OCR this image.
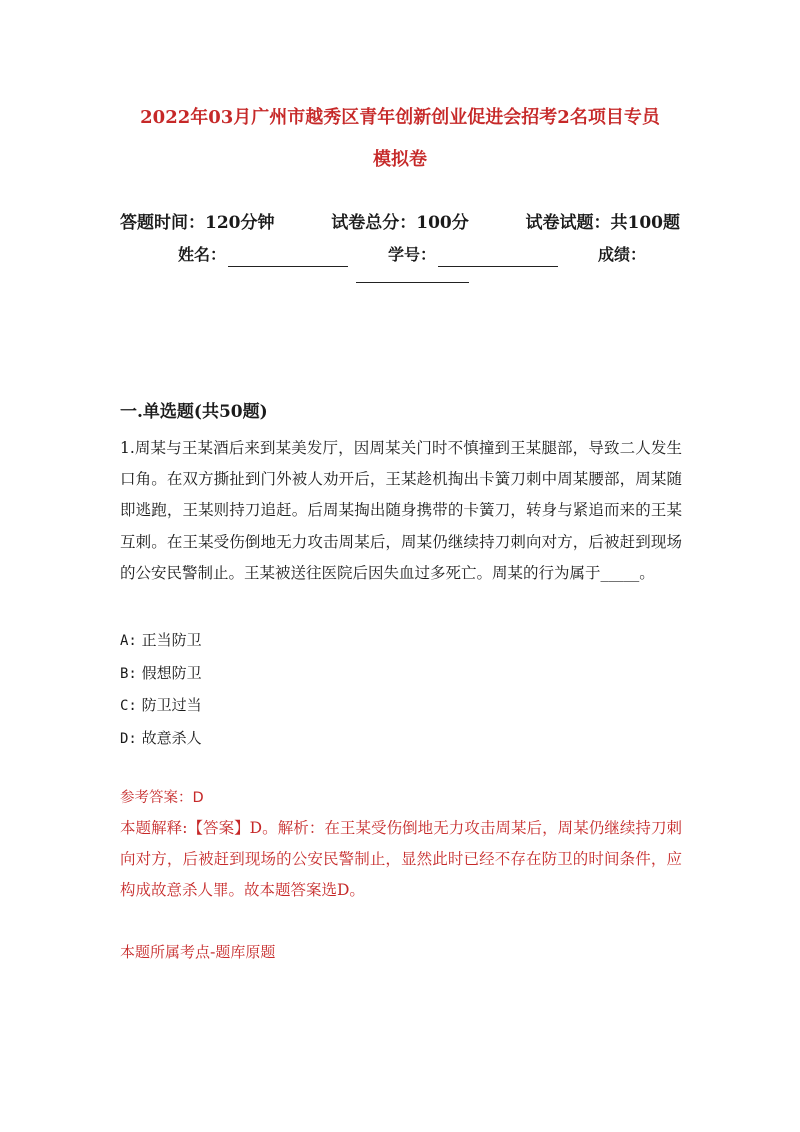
2022年03月广州市越秀区青年创新创业促进会招考2名项目专员
模拟卷
答题时间：120分钟	试卷总分：100分	试卷试题：共100题
姓名：	学号：	成绩：
一.单选题(共50题)
1.周某与王某酒后来到某美发厅，因周某关门时不慎撞到王某腿部，导致二人发生口角。在双方撕扯到门外被人劝开后，王某趁机掏出卡簧刀刺中周某腰部，周某随即逃跑，王某则持刀追赶。后周某掏出随身携带的卡簧刀，转身与紧追而来的王某互刺。在王某受伤倒地无力攻击周某后，周某仍继续持刀刺向对方，后被赶到现场的公安民警制止。王某被送往医院后因失血过多死亡。周某的行为属于_____。
A: 正当防卫
B: 假想防卫
C: 防卫过当
D: 故意杀人
参考答案：D
本题解释:【答案】D。解析：在王某受伤倒地无力攻击周某后，周某仍继续持刀刺向对方，后被赶到现场的公安民警制止，显然此时已经不存在防卫的时间条件，应构成故意杀人罪。故本题答案选D。
本题所属考点-题库原题
